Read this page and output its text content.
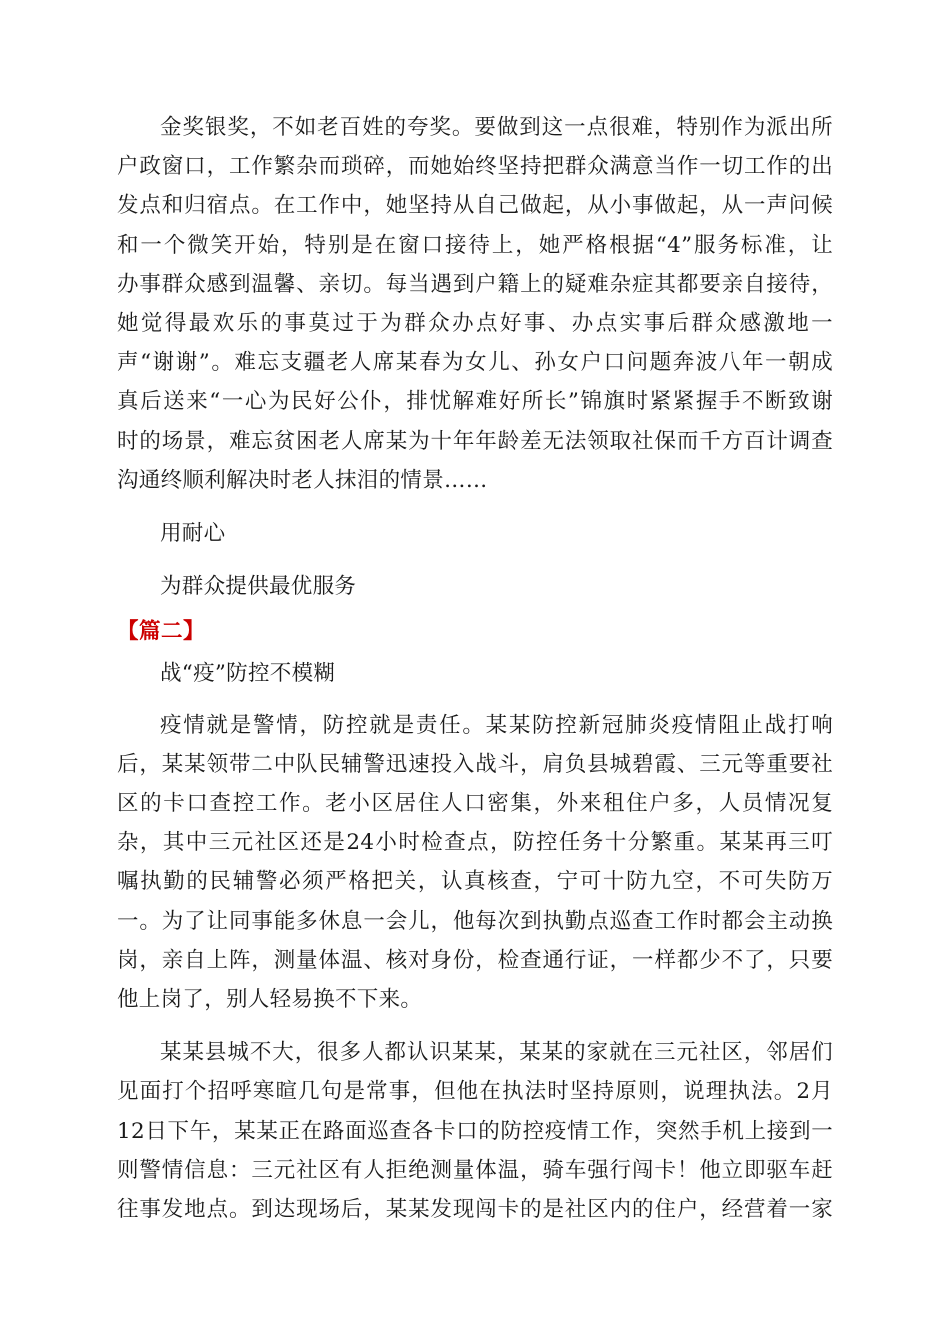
金奖银奖，不如老百姓的夸奖。要做到这一点很难，特别作为派出所
户政窗口，工作繁杂而琐碎，而她始终坚持把群众满意当作一切工作的出
发点和归宿点。在工作中，她坚持从自己做起，从小事做起，从一声问候
和一个微笑开始，特别是在窗口接待上，她严格根据“4”服务标准，让
办事群众感到温馨、亲切。每当遇到户籍上的疑难杂症其都要亲自接待，
她觉得最欢乐的事莫过于为群众办点好事、办点实事后群众感激地一
声“谢谢”。难忘支疆老人席某春为女儿、孙女户口问题奔波八年一朝成
真后送来“一心为民好公仆，排忧解难好所长”锦旗时紧紧握手不断致谢
时的场景，难忘贫困老人席某为十年年龄差无法领取社保而千方百计调查
沟通终顺利解决时老人抹泪的情景……

用耐心

为群众提供最优服务

【篇二】

战“疫”防控不模糊

疫情就是警情，防控就是责任。某某防控新冠肺炎疫情阻止战打响
后，某某领带二中队民辅警迅速投入战斗，肩负县城碧霞、三元等重要社
区的卡口查控工作。老小区居住人口密集，外来租住户多，人员情况复
杂，其中三元社区还是24小时检查点，防控任务十分繁重。某某再三叮
嘱执勤的民辅警必须严格把关，认真核查，宁可十防九空，不可失防万
一。为了让同事能多休息一会儿，他每次到执勤点巡查工作时都会主动换
岗，亲自上阵，测量体温、核对身份，检查通行证，一样都少不了，只要
他上岗了，别人轻易换不下来。

某某县城不大，很多人都认识某某，某某的家就在三元社区，邻居们
见面打个招呼寒暄几句是常事，但他在执法时坚持原则，说理执法。2月
12日下午，某某正在路面巡查各卡口的防控疫情工作，突然手机上接到一
则警情信息：三元社区有人拒绝测量体温，骑车强行闯卡！他立即驱车赶
往事发地点。到达现场后，某某发现闯卡的是社区内的住户，经营着一家
